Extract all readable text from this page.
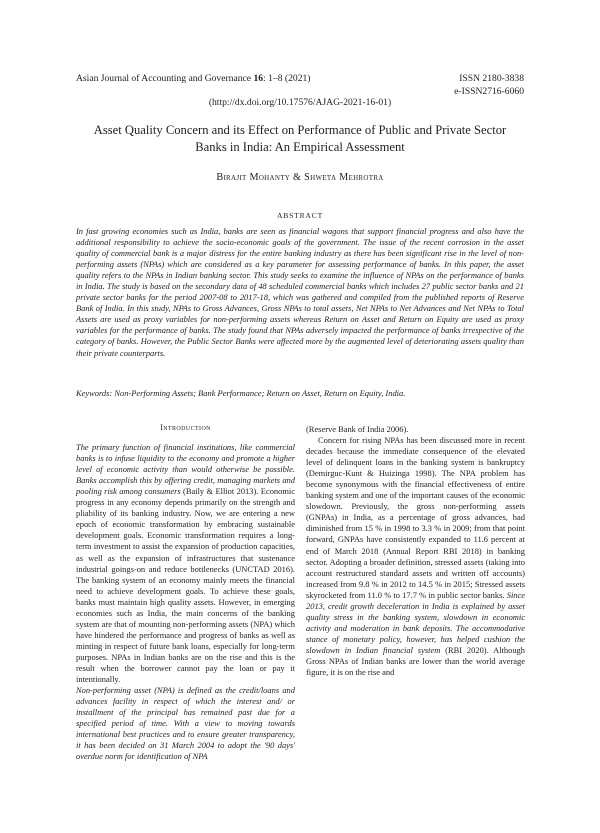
Asian Journal of Accounting and Governance 16: 1–8 (2021)	ISSN 2180-3838
e-ISSN2716-6060
(http://dx.doi.org/10.17576/AJAG-2021-16-01)
Asset Quality Concern and its Effect on Performance of Public and Private Sector Banks in India: An Empirical Assessment
Birajit Mohanty & Shweta Mehrotra
ABSTRACT

In fast growing economies such as India, banks are seen as financial wagons that support financial progress and also have the additional responsibility to achieve the socio-economic goals of the government. The issue of the recent corrosion in the asset quality of commercial bank is a major distress for the entire banking industry as there has been significant rise in the level of non-performing assets (NPAs) which are considered as a key parameter for assessing performance of banks. In this paper, the asset quality refers to the NPAs in Indian banking sector. This study seeks to examine the influence of NPAs on the performance of banks in India. The study is based on the secondary data of 48 scheduled commercial banks which includes 27 public sector banks and 21 private sector banks for the period 2007-08 to 2017-18, which was gathered and compiled from the published reports of Reserve Bank of India. In this study, NPAs to Gross Advances, Gross NPAs to total assets, Net NPAs to Net Advances and Net NPAs to Total Assets are used as proxy variables for non-performing assets whereas Return on Asset and Return on Equity are used as proxy variables for the performance of banks. The study found that NPAs adversely impacted the performance of banks irrespective of the category of banks. However, the Public Sector Banks were affected more by the augmented level of deteriorating assets quality than their private counterparts.

Keywords: Non-Performing Assets; Bank Performance; Return on Asset, Return on Equity, India.

Introduction

The primary function of financial institutions, like commercial banks is to infuse liquidity to the economy and promote a higher level of economic activity than would otherwise be possible. Banks accomplish this by offering credit, managing markets and pooling risk among consumers (Baily & Elliot 2013). Economic progress in any economy depends primarily on the strength and pliability of its banking industry. Now, we are entering a new epoch of economic transformation by embracing sustainable development goals. Economic transformation requires a long-term investment to assist the expansion of production capacities, as well as the expansion of infrastructures that sustenance industrial goings-on and reduce bottlenecks (UNCTAD 2016). The banking system of an economy mainly meets the financial need to achieve development goals. To achieve these goals, banks must maintain high quality assets. However, in emerging economies such as India, the main concerns of the banking system are that of mounting non-performing assets (NPA) which have hindered the performance and progress of banks as well as minting in respect of future bank loans, especially for long-term purposes. NPAs in Indian banks are on the rise and this is the result when the borrower cannot pay the loan or pay it intentionally.

Non-performing asset (NPA) is defined as the credit/loans and advances facility in respect of which the interest and/ or installment of the principal has remained past due for a specified period of time. With a view to moving towards international best practices and to ensure greater transparency, it has been decided on 31 March 2004 to adopt the '90 days' overdue norm for identification of NPA

(Reserve Bank of India 2006).

Concern for rising NPAs has been discussed more in recent decades because the immediate consequence of the elevated level of delinquent loans in the banking system is bankruptcy (Demirguc-Kunt & Huizinga 1998). The NPA problem has become synonymous with the financial effectiveness of entire banking system and one of the important causes of the economic slowdown. Previously, the gross non-performing assets (GNPAs) in India, as a percentage of gross advances, had diminished from 15 % in 1998 to 3.3 % in 2009; from that point forward, GNPAs have consistently expanded to 11.6 percent at end of March 2018 (Annual Report RBI 2018) in banking sector. Adopting a broader definition, stressed assets (taking into account restructured standard assets and written off accounts) increased from 9.8 % in 2012 to 14.5 % in 2015; Stressed assets skyrocketed from 11.0 % to 17.7 % in public sector banks. Since 2013, credit growth deceleration in India is explained by asset quality stress in the banking system, slowdown in economic activity and moderation in bank deposits. The accommodative stance of monetary policy, however, has helped cushion the slowdown in Indian financial system (RBI 2020). Although Gross NPAs of Indian banks are lower than the world average figure, it is on the rise and
